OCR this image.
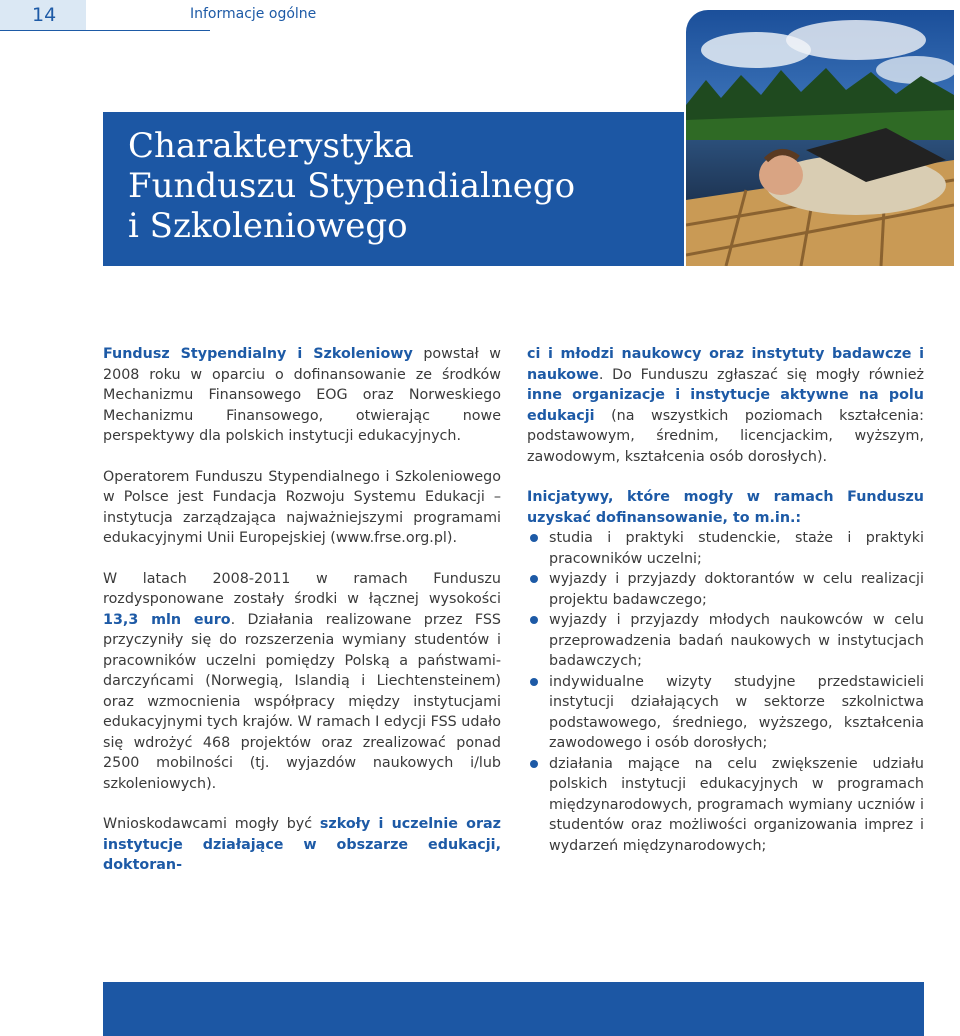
14	Informacje ogólne
Charakterystyka
Funduszu Stypendialnego
i Szkoleniowego

Fundusz Stypendialny i Szkoleniowy powstał w 2008 roku w oparciu o dofinansowanie ze środków Mechanizmu Finansowego EOG oraz Norweskiego Mechanizmu Finansowego, otwierając nowe perspektywy dla polskich instytucji edukacyjnych.

Operatorem Funduszu Stypendialnego i Szkoleniowego w Polsce jest Fundacja Rozwoju Systemu Edukacji – instytucja zarządzająca najważniejszymi programami edukacyjnymi Unii Europejskiej (www.frse.org.pl).

W latach 2008-2011 w ramach Funduszu rozdysponowane zostały środki w łącznej wysokości 13,3 mln euro. Działania realizowane przez FSS przyczyniły się do rozszerzenia wymiany studentów i pracowników uczelni pomiędzy Polską a państwami-darczyńcami (Norwegią, Islandią i Liechtensteinem) oraz wzmocnienia współpracy między instytucjami edukacyjnymi tych krajów. W ramach I edycji FSS udało się wdrożyć 468 projektów oraz zrealizować ponad 2500 mobilności (tj. wyjazdów naukowych i/lub szkoleniowych).

Wnioskodawcami mogły być szkoły i uczelnie oraz instytucje działające w obszarze edukacji, doktoran-

ci i młodzi naukowcy oraz instytuty badawcze i naukowe. Do Funduszu zgłaszać się mogły również inne organizacje i instytucje aktywne na polu edukacji (na wszystkich poziomach kształcenia: podstawowym, średnim, licencjackim, wyższym, zawodowym, kształcenia osób dorosłych).

Inicjatywy, które mogły w ramach Funduszu uzyskać dofinansowanie, to m.in.:

studia i praktyki studenckie, staże i praktyki pracowników uczelni;
wyjazdy i przyjazdy doktorantów w celu realizacji projektu badawczego;
wyjazdy i przyjazdy młodych naukowców w celu przeprowadzenia badań naukowych w instytucjach badawczych;
indywidualne wizyty studyjne przedstawicieli instytucji działających w sektorze szkolnictwa podstawowego, średniego, wyższego, kształcenia zawodowego i osób dorosłych;
działania mające na celu zwiększenie udziału polskich instytucji edukacyjnych w programach międzynarodowych, programach wymiany uczniów i studentów oraz możliwości organizowania imprez i wydarzeń międzynarodowych;
